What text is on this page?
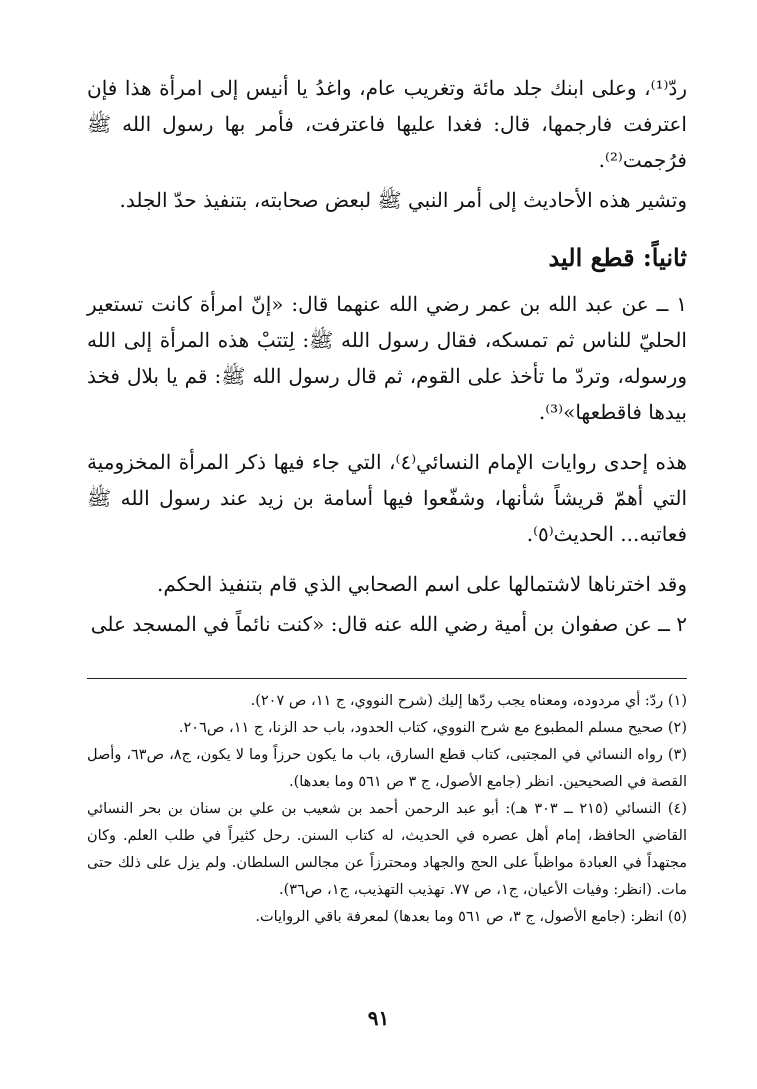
ردّ⁽¹⁾، وعلى ابنك جلد مائة وتغريب عام، واغدُ يا أنيس إلى امرأة هذا فإن اعترفت فارجمها، قال: فغدا عليها فاعترفت، فأمر بها رسول الله ﷺ فرُجمت⁽²⁾.

وتشير هذه الأحاديث إلى أمر النبي ﷺ لبعض صحابته، بتنفيذ حدّ الجلد.

ثانياً: قطع اليد

١ ــ عن عبد الله بن عمر رضي الله عنهما قال: «إنّ امرأة كانت تستعير الحليّ للناس ثم تمسكه، فقال رسول الله ﷺ: لِتتبْ هذه المرأة إلى الله ورسوله، وتردّ ما تأخذ على القوم، ثم قال رسول الله ﷺ: قم يا بلال فخذ بيدها فاقطعها»⁽³⁾.

هذه إحدى روايات الإمام النسائي⁽٤⁾، التي جاء فيها ذكر المرأة المخزومية التي أهمّ قريشاً شأنها، وشفّعوا فيها أسامة بن زيد عند رسول الله ﷺ فعاتبه... الحديث⁽٥⁾.

وقد اخترناها لاشتمالها على اسم الصحابي الذي قام بتنفيذ الحكم.

٢ ــ عن صفوان بن أمية رضي الله عنه قال: «كنت نائماً في المسجد على

(١) ردّ: أي مردوده، ومعناه يجب ردّها إليك (شرح النووي، ج ١١، ص ٢٠٧).

(٢) صحيح مسلم المطبوع مع شرح النووي، كتاب الحدود، باب حد الزنا، ج ١١، ص٢٠٦.

(٣) رواه النسائي في المجتبى، كتاب قطع السارق، باب ما يكون حرزاً وما لا يكون، ج٨، ص٦٣، وأصل القصة في الصحيحين. انظر (جامع الأصول، ج ٣ ص ٥٦١ وما بعدها).

(٤) النسائي (٢١٥ ــ ٣٠٣ هـ): أبو عبد الرحمن أحمد بن شعيب بن علي بن سنان بن بحر النسائي القاضي الحافظ، إمام أهل عصره في الحديث، له كتاب السنن. رحل كثيراً في طلب العلم. وكان مجتهداً في العبادة مواظباً على الحج والجهاد ومحترزاً عن مجالس السلطان. ولم يزل على ذلك حتى مات. (انظر: وفيات الأعيان، ج١، ص ٧٧. تهذيب التهذيب، ج١، ص٣٦).

(٥) انظر: (جامع الأصول، ج ٣، ص ٥٦١ وما بعدها) لمعرفة باقي الروايات.

٩١
